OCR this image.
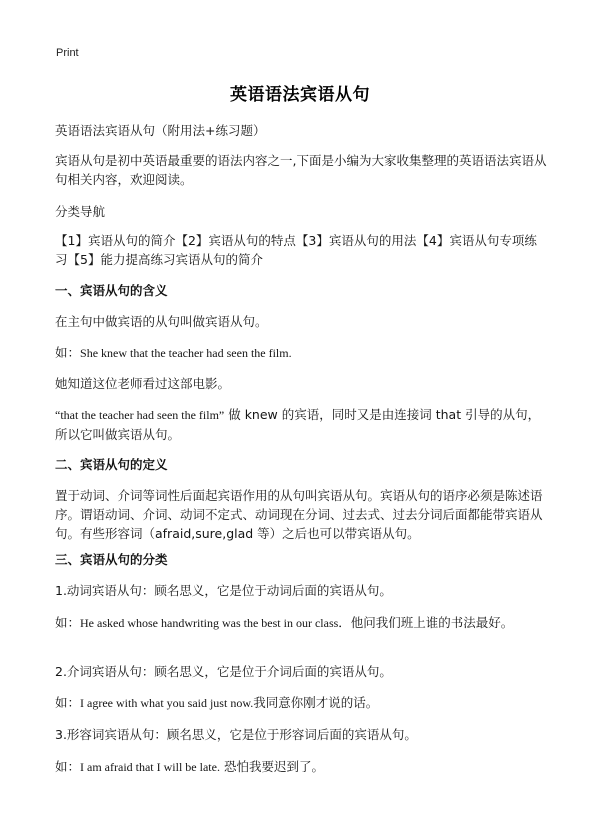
Print
英语语法宾语从句

英语语法宾语从句（附用法+练习题）

宾语从句是初中英语最重要的语法内容之一,下面是小编为大家收集整理的英语语法宾语从句相关内容，欢迎阅读。

分类导航

【1】宾语从句的简介【2】宾语从句的特点【3】宾语从句的用法【4】宾语从句专项练习【5】能力提高练习宾语从句的简介

一、宾语从句的含义

在主句中做宾语的从句叫做宾语从句。

如：She knew that the teacher had seen the film.

她知道这位老师看过这部电影。

“that the teacher had seen the film” 做 knew 的宾语，同时又是由连接词 that 引导的从句，所以它叫做宾语从句。

二、宾语从句的定义

置于动词、介词等词性后面起宾语作用的从句叫宾语从句。宾语从句的语序必须是陈述语序。谓语动词、介词、动词不定式、动词现在分词、过去式、过去分词后面都能带宾语从句。有些形容词（afraid,sure,glad 等）之后也可以带宾语从句。

三、宾语从句的分类

1.动词宾语从句：顾名思义，它是位于动词后面的宾语从句。

如：He asked whose handwriting was the best in our class．他问我们班上谁的书法最好。

2.介词宾语从句：顾名思义，它是位于介词后面的宾语从句。

如：I agree with what you said just now.我同意你刚才说的话。

3.形容词宾语从句：顾名思义，它是位于形容词后面的宾语从句。

如：I am afraid that I will be late. 恐怕我要迟到了。
